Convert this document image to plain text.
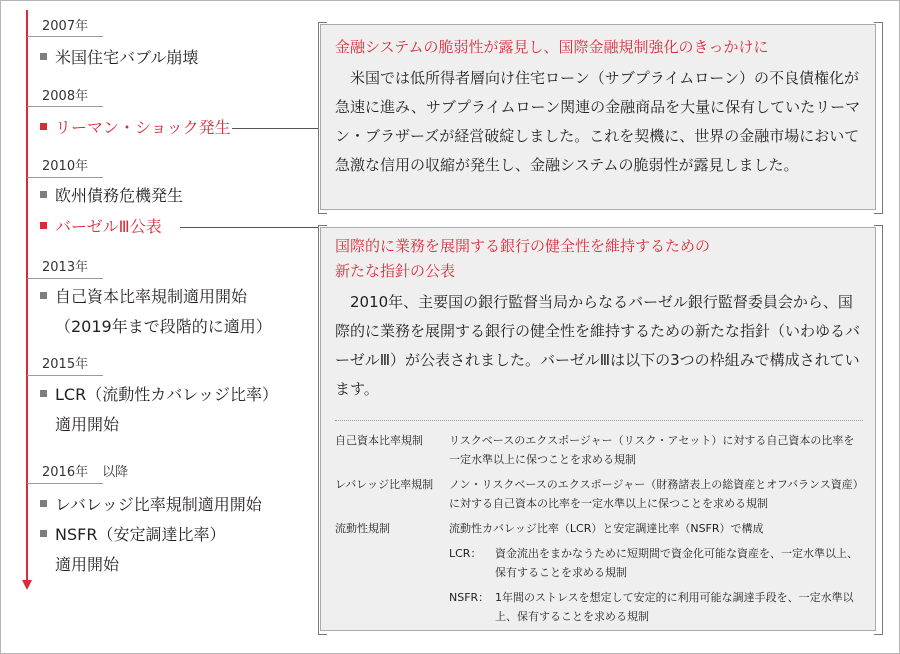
2007年
米国住宅バブル崩壊
2008年
リーマン・ショック発生
2010年
欧州債務危機発生
バーゼルⅢ公表
2013年
自己資本比率規制適用開始
（2019年まで段階的に適用）
2015年
LCR（流動性カバレッジ比率）
適用開始
2016年 以降
レバレッジ比率規制適用開始
NSFR（安定調達比率）
適用開始
金融システムの脆弱性が露見し、国際金融規制強化のきっかけに

米国では低所得者層向け住宅ローン（サブプライムローン）の不良債権化が急速に進み、サブプライムローン関連の金融商品を大量に保有していたリーマン・ブラザーズが経営破綻しました。これを契機に、世界の金融市場において急激な信用の収縮が発生し、金融システムの脆弱性が露見しました。

国際的に業務を展開する銀行の健全性を維持するための
新たな指針の公表

2010年、主要国の銀行監督当局からなるバーゼル銀行監督委員会から、国際的に業務を展開する銀行の健全性を維持するための新たな指針（いわゆるバーゼルⅢ）が公表されました。バーゼルⅢは以下の3つの枠組みで構成されています。

自己資本比率規制	リスクベースのエクスポージャー（リスク・アセット）に対する自己資本の比率を一定水準以上に保つことを求める規制
レバレッジ比率規制	ノン・リスクベースのエクスポージャー（財務諸表上の総資産とオフバランス資産）に対する自己資本の比率を一定水準以上に保つことを求める規制
流動性規制	流動性カバレッジ比率（LCR）と安定調達比率（NSFR）で構成
LCR：	資金流出をまかなうために短期間で資金化可能な資産を、一定水準以上、保有することを求める規制
NSFR： 1年間のストレスを想定して安定的に利用可能な調達手段を、一定水準以上、保有することを求める規制
